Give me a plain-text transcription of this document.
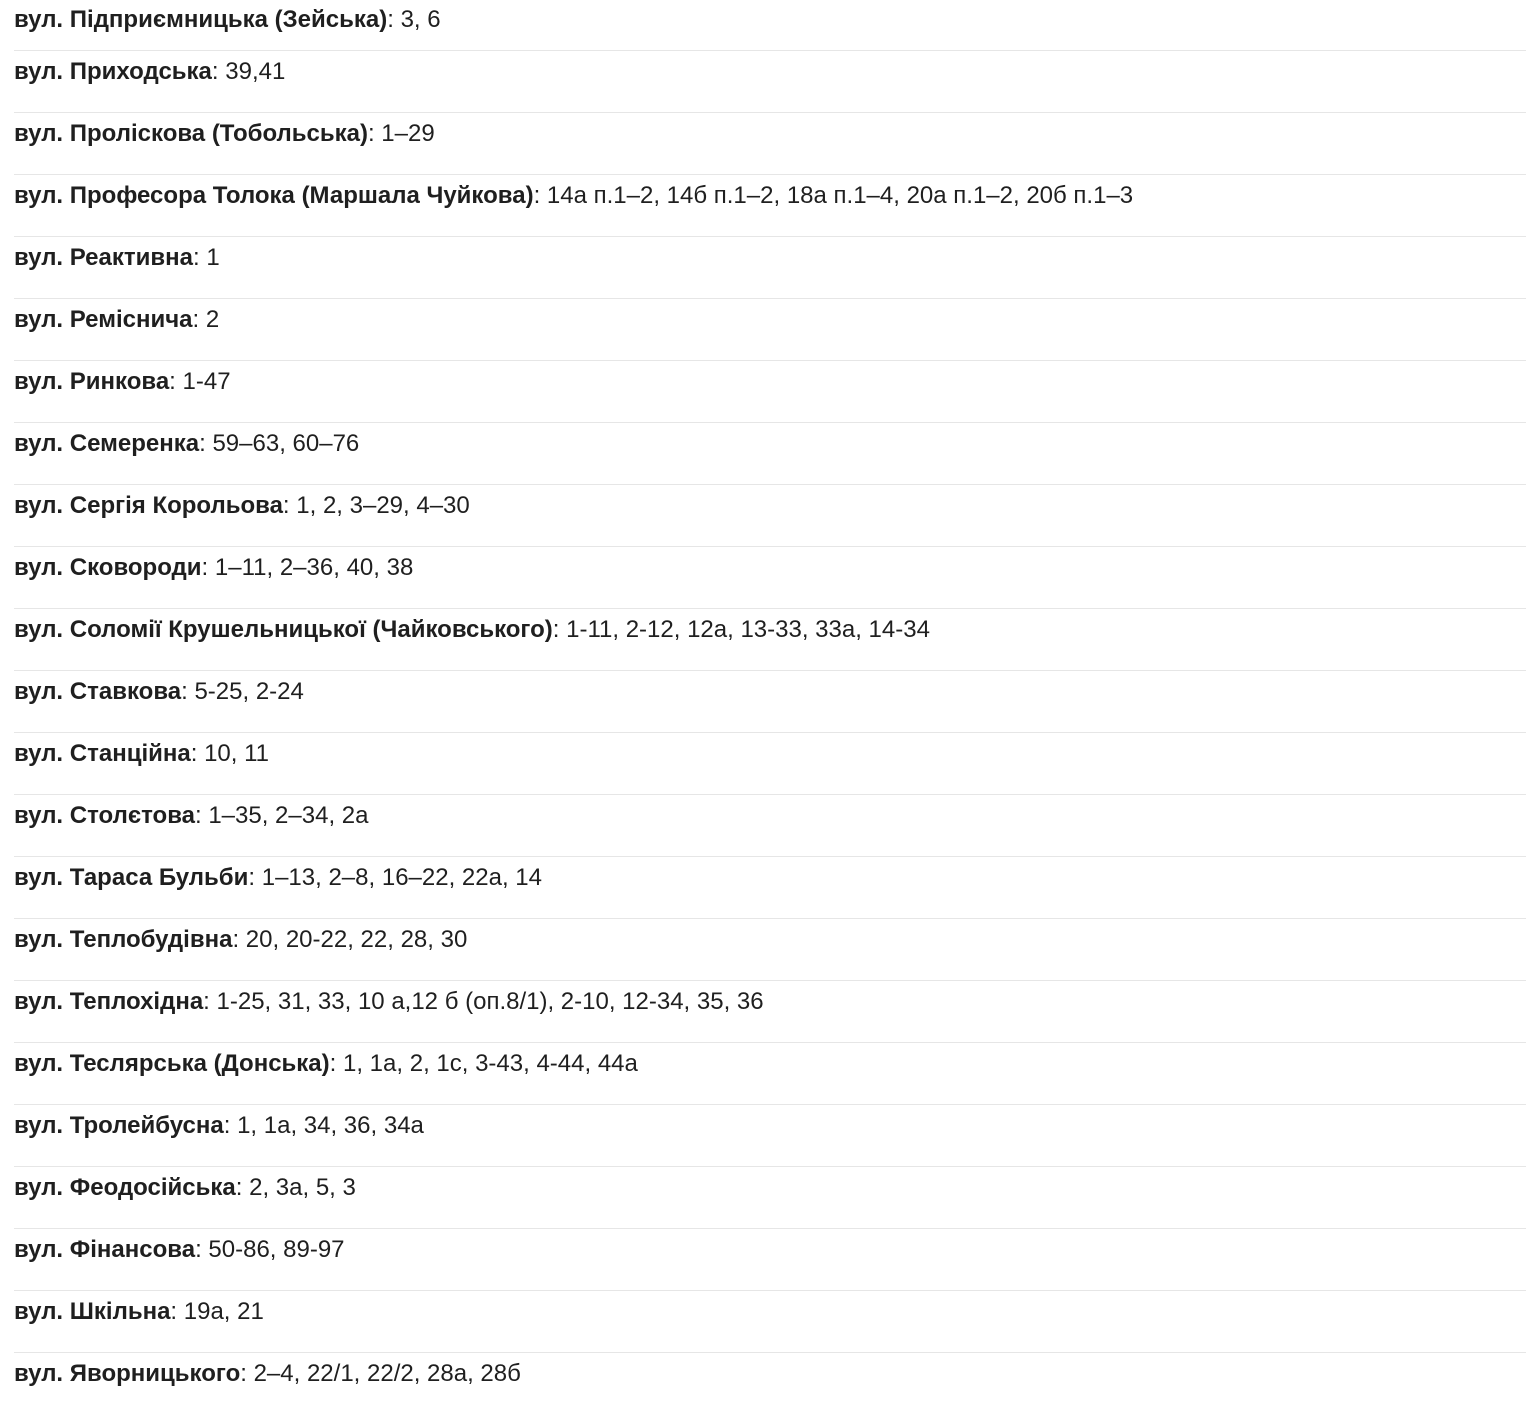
вул. Підприємницька (Зейська): 3, 6
вул. Приходська: 39,41
вул. Пролiскова (Тобольська): 1–29
вул. Професора Толока (Маршала Чуйкова): 14а п.1–2, 14б п.1–2, 18а п.1–4, 20а п.1–2, 20б п.1–3
вул. Реактивна: 1
вул. Реміснича: 2
вул. Ринкова: 1-47
вул. Семеренка: 59–63, 60–76
вул. Сергія Корольова: 1, 2, 3–29, 4–30
вул. Сковороди: 1–11, 2–36, 40, 38
вул. Соломії Крушельницької (Чайковського): 1-11, 2-12, 12а, 13-33, 33а, 14-34
вул. Ставкова: 5-25, 2-24
вул. Станційна: 10, 11
вул. Столєтова: 1–35, 2–34, 2а
вул. Тараса Бульби: 1–13, 2–8, 16–22, 22а, 14
вул. Теплобудівна: 20, 20-22, 22, 28, 30
вул. Теплохідна: 1-25, 31, 33, 10 а,12 б (оп.8/1), 2-10, 12-34, 35, 36
вул. Теслярська (Донська): 1, 1а, 2, 1с, 3-43, 4-44, 44а
вул. Тролейбусна: 1, 1а, 34, 36, 34а
вул. Феодосійська: 2, 3а, 5, 3
вул. Фінансова: 50-86, 89-97
вул. Шкільна: 19а, 21
вул. Яворницького: 2–4, 22/1, 22/2, 28а, 28б
